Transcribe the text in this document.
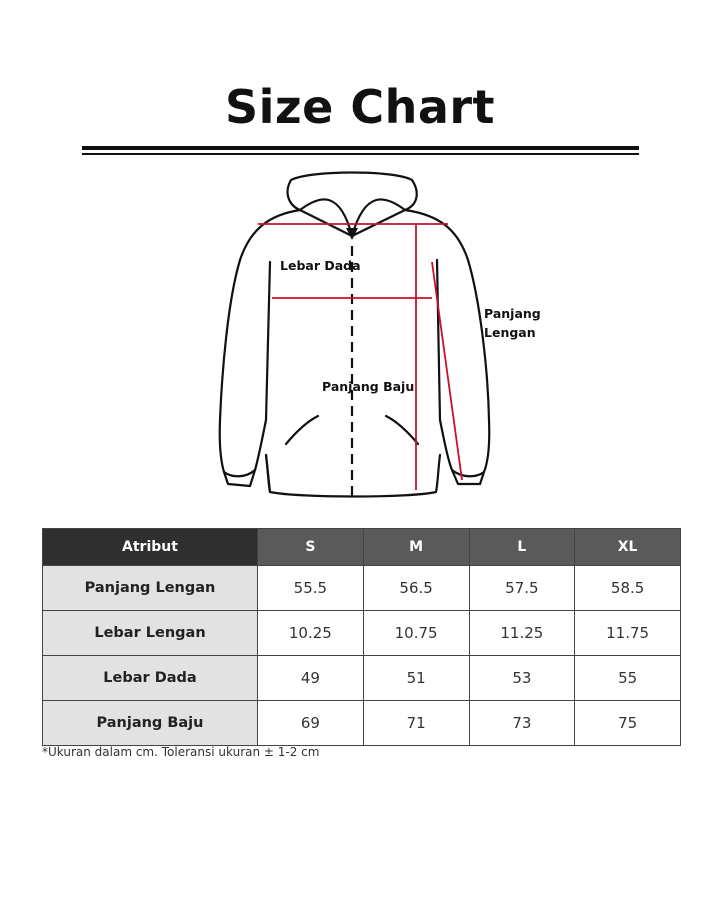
Size Chart
Lebar Dada
Panjang Baju
Panjang
Lengan
Atribut	S	M	L	XL
Panjang Lengan	55.5	56.5	57.5	58.5
Lebar Lengan	10.25	10.75	11.25	11.75
Lebar Dada	49	51	53	55
Panjang Baju	69	71	73	75
*Ukuran dalam cm. Toleransi ukuran ± 1-2 cm
